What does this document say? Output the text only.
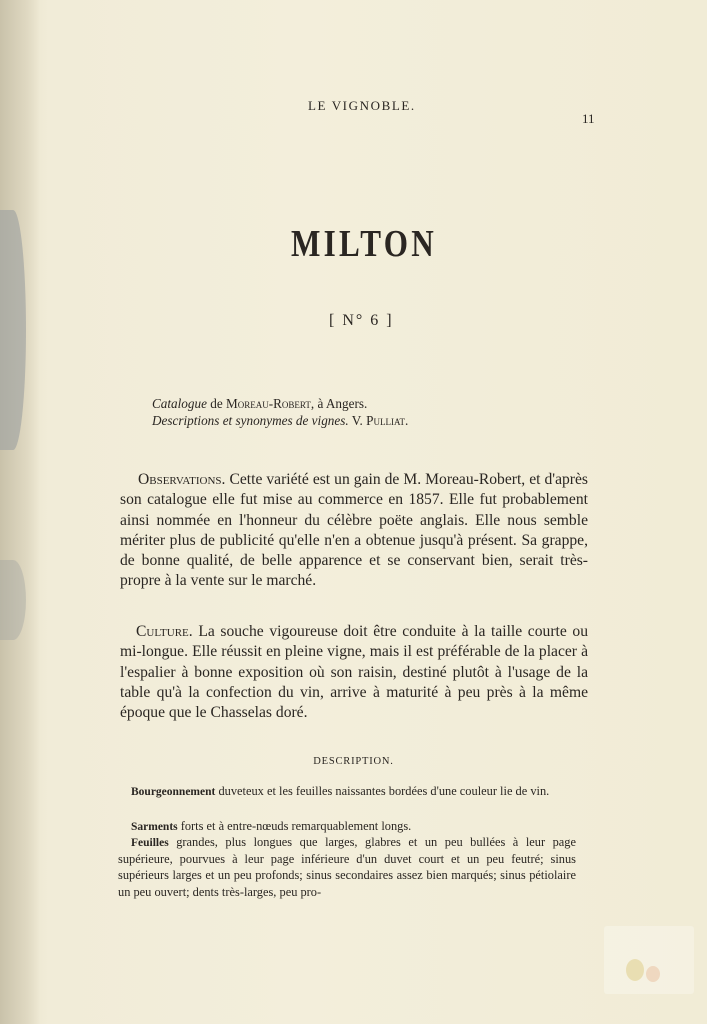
LE VIGNOBLE.
11
MILTON
[ N° 6 ]
Catalogue de Moreau-Robert, à Angers.
Descriptions et synonymes de vignes. V. Pulliat.
Observations. Cette variété est un gain de M. Moreau-Robert, et d'après son catalogue elle fut mise au commerce en 1857. Elle fut probablement ainsi nommée en l'honneur du célèbre poëte anglais. Elle nous semble mériter plus de publicité qu'elle n'en a obtenue jusqu'à présent. Sa grappe, de bonne qualité, de belle apparence et se conservant bien, serait très-propre à la vente sur le marché.
Culture. La souche vigoureuse doit être conduite à la taille courte ou mi-longue. Elle réussit en pleine vigne, mais il est préférable de la placer à l'espalier à bonne exposition où son raisin, destiné plutôt à l'usage de la table qu'à la confection du vin, arrive à maturité à peu près à la même époque que le Chasselas doré.
DESCRIPTION.
Bourgeonnement duveteux et les feuilles naissantes bordées d'une couleur lie de vin.
Sarments forts et à entre-nœuds remarquablement longs.
Feuilles grandes, plus longues que larges, glabres et un peu bullées à leur page supérieure, pourvues à leur page inférieure d'un duvet court et un peu feutré; sinus supérieurs larges et un peu profonds; sinus secondaires assez bien marqués; sinus pétiolaire un peu ouvert; dents très-larges, peu pro-
